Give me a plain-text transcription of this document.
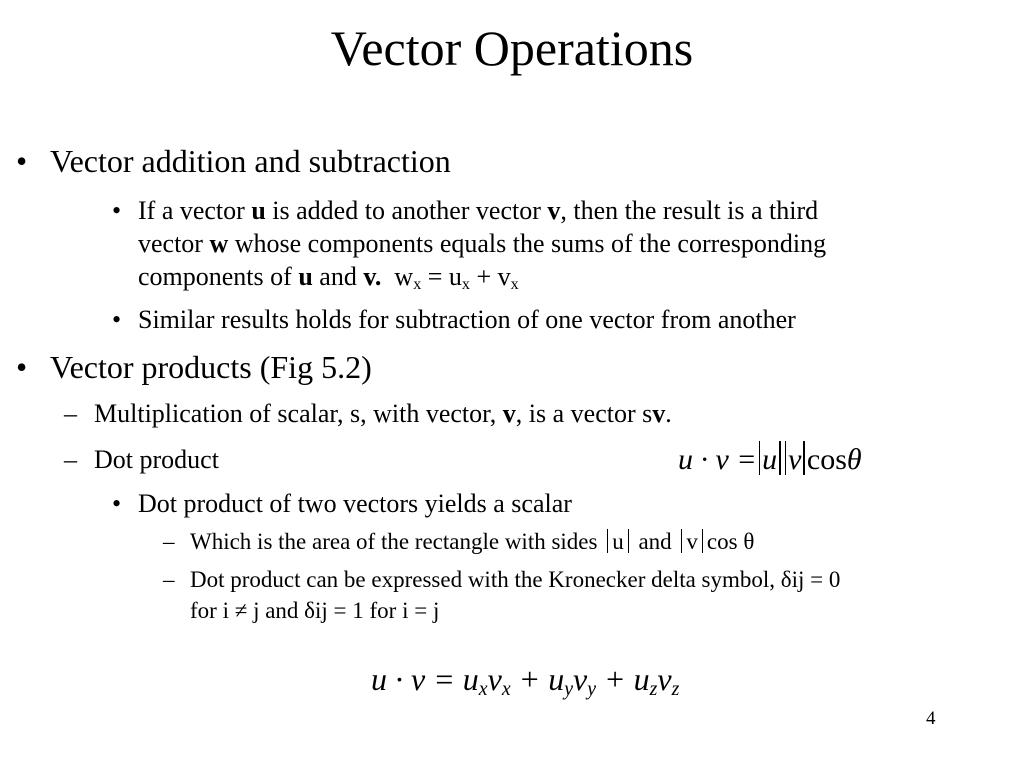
Vector Operations
• Vector addition and subtraction
• If a vector u is added to another vector v, then the result is a third
vector w whose components equals the sums of the corresponding
components of u and v. $w_x = u_x + v_x$
• Similar results holds for subtraction of one vector from another
• Vector products (Fig 5.2)
– Multiplication of scalar, s, with vector, v, is a vector sv.
– Dot product	u · v = u v cosθ
• Dot product of two vectors yields a scalar
– Which is the area of the rectangle with sides u and v cos θ
– Dot product can be expressed with the Kronecker delta symbol, δij = 0
for i ≠ j and δij = 1 for i = j
$u \cdot v = u_xv_x + u_yv_y + u_zv_z$
4
